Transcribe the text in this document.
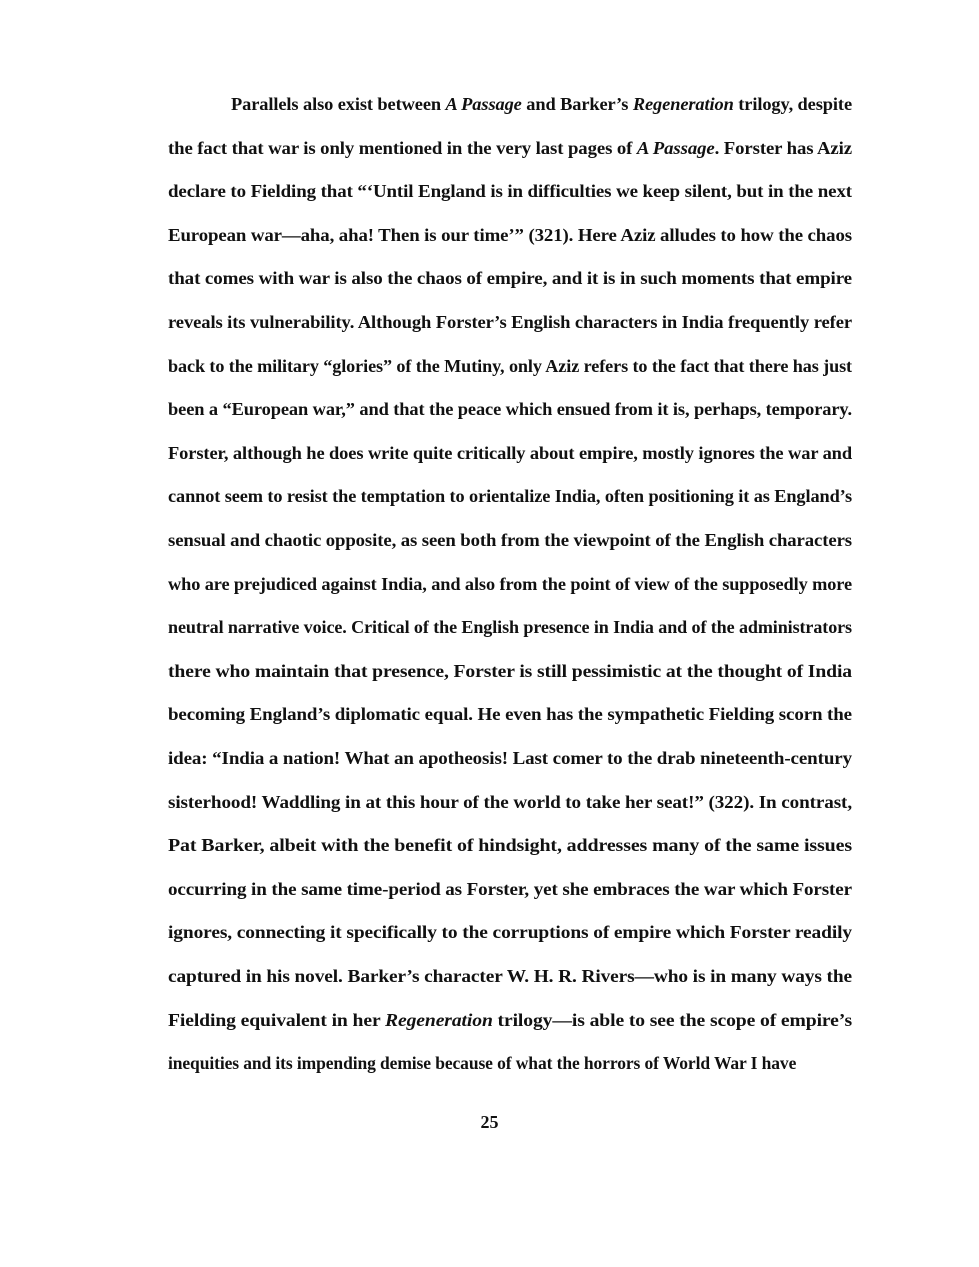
Parallels also exist between A Passage and Barker’s Regeneration trilogy, despite
the fact that war is only mentioned in the very last pages of A Passage. Forster has Aziz
declare to Fielding that “‘Until England is in difficulties we keep silent, but in the next
European war—aha, aha! Then is our time’” (321). Here Aziz alludes to how the chaos
that comes with war is also the chaos of empire, and it is in such moments that empire
reveals its vulnerability. Although Forster’s English characters in India frequently refer
back to the military “glories” of the Mutiny, only Aziz refers to the fact that there has just
been a “European war,” and that the peace which ensued from it is, perhaps, temporary.
Forster, although he does write quite critically about empire, mostly ignores the war and
cannot seem to resist the temptation to orientalize India, often positioning it as England’s
sensual and chaotic opposite, as seen both from the viewpoint of the English characters
who are prejudiced against India, and also from the point of view of the supposedly more
neutral narrative voice. Critical of the English presence in India and of the administrators
there who maintain that presence, Forster is still pessimistic at the thought of India
becoming England’s diplomatic equal. He even has the sympathetic Fielding scorn the
idea: “India a nation! What an apotheosis! Last comer to the drab nineteenth-century
sisterhood! Waddling in at this hour of the world to take her seat!” (322). In contrast,
Pat Barker, albeit with the benefit of hindsight, addresses many of the same issues
occurring in the same time-period as Forster, yet she embraces the war which Forster
ignores, connecting it specifically to the corruptions of empire which Forster readily
captured in his novel. Barker’s character W. H. R. Rivers—who is in many ways the
Fielding equivalent in her Regeneration trilogy—is able to see the scope of empire’s
inequities and its impending demise because of what the horrors of World War I have
25
